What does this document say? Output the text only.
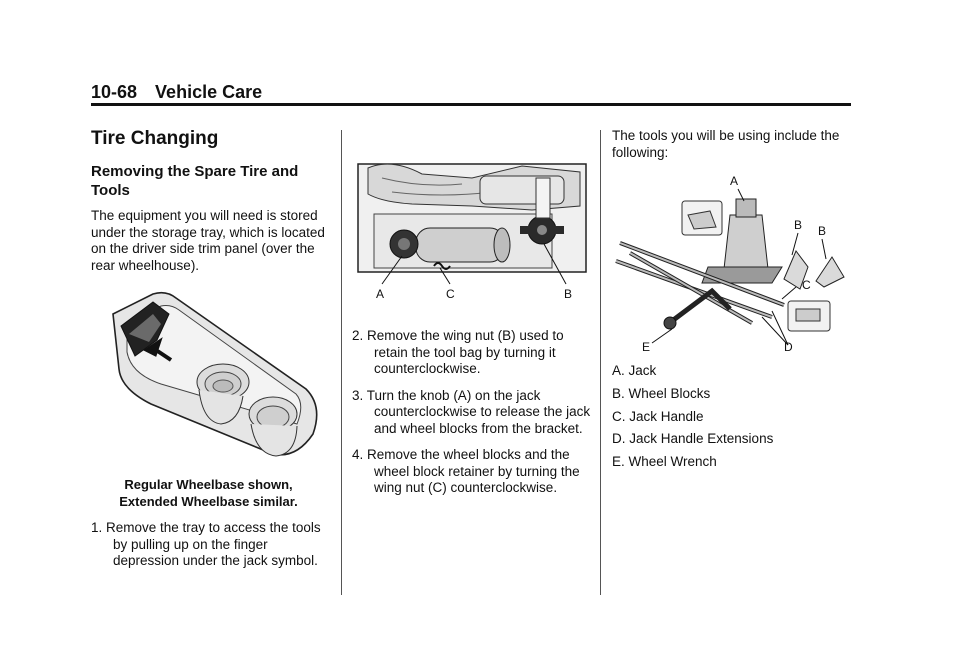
10-68 Vehicle Care
Tire Changing
Removing the Spare Tire and Tools

The equipment you will need is stored under the storage tray, which is located on the driver side trim panel (over the rear wheelhouse).

Regular Wheelbase shown,
Extended Wheelbase similar.
1. Remove the tray to access the tools by pulling up on the finger depression under the jack symbol.
A	C	B
2. Remove the wing nut (B) used to retain the tool bag by turning it counterclockwise.
3. Turn the knob (A) on the jack counterclockwise to release the jack and wheel blocks from the bracket.
4. Remove the wheel blocks and the wheel block retainer by turning the wing nut (C) counterclockwise.

The tools you will be using include the following:

A
B B
C
D
E
A. Jack
B. Wheel Blocks
C. Jack Handle
D. Jack Handle Extensions
E. Wheel Wrench
